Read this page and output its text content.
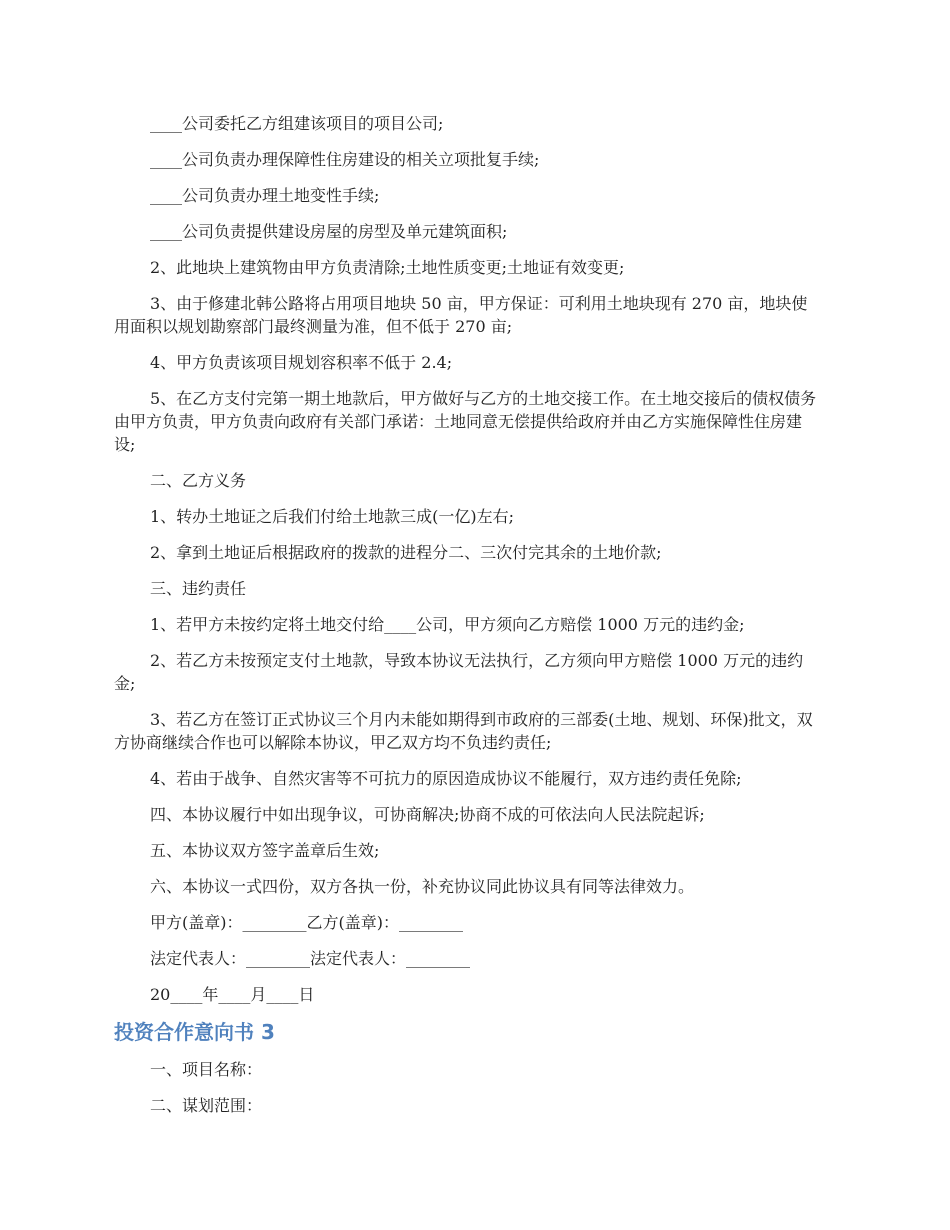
____公司委托乙方组建该项目的项目公司;

____公司负责办理保障性住房建设的相关立项批复手续;

____公司负责办理土地变性手续;

____公司负责提供建设房屋的房型及单元建筑面积;

2、此地块上建筑物由甲方负责清除;土地性质变更;土地证有效变更;

3、由于修建北韩公路将占用项目地块 50 亩，甲方保证：可利用土地块现有 270 亩，地块使用面积以规划勘察部门最终测量为准，但不低于 270 亩;

4、甲方负责该项目规划容积率不低于 2.4;

5、在乙方支付完第一期土地款后，甲方做好与乙方的土地交接工作。在土地交接后的债权债务由甲方负责，甲方负责向政府有关部门承诺：土地同意无偿提供给政府并由乙方实施保障性住房建设;

二、乙方义务

1、转办土地证之后我们付给土地款三成(一亿)左右;

2、拿到土地证后根据政府的拨款的进程分二、三次付完其余的土地价款;

三、违约责任

1、若甲方未按约定将土地交付给____公司，甲方须向乙方赔偿 1000 万元的违约金;

2、若乙方未按预定支付土地款，导致本协议无法执行，乙方须向甲方赔偿 1000 万元的违约金;

3、若乙方在签订正式协议三个月内未能如期得到市政府的三部委(土地、规划、环保)批文，双方协商继续合作也可以解除本协议，甲乙双方均不负违约责任;

4、若由于战争、自然灾害等不可抗力的原因造成协议不能履行，双方违约责任免除;

四、本协议履行中如出现争议，可协商解决;协商不成的可依法向人民法院起诉;

五、本协议双方签字盖章后生效;

六、本协议一式四份，双方各执一份，补充协议同此协议具有同等法律效力。

甲方(盖章)：________乙方(盖章)：________

法定代表人：________法定代表人：________

20____年____月____日

投资合作意向书 3

一、项目名称：

二、谋划范围：
